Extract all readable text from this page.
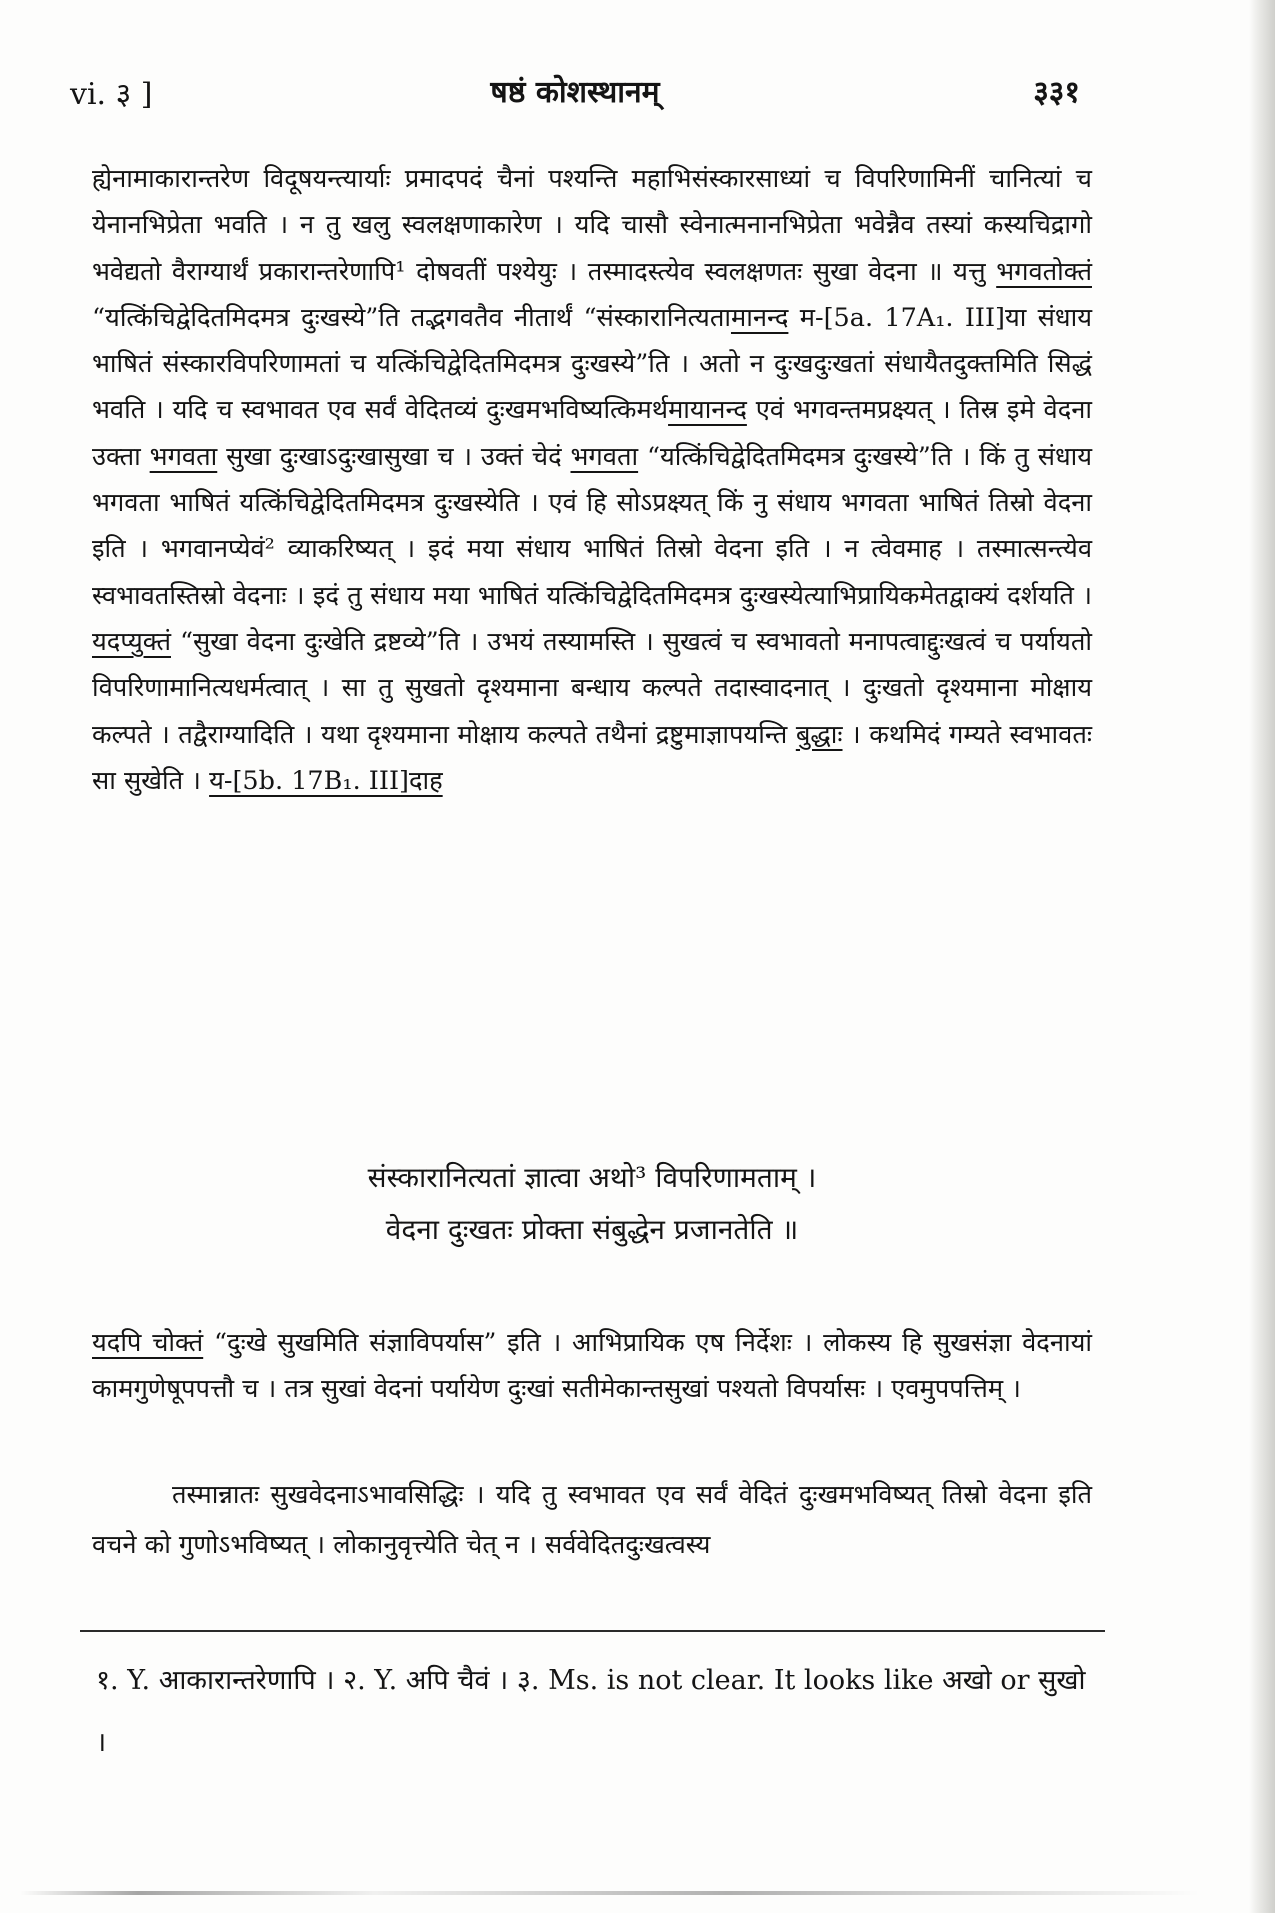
vi. ३ ]	षष्ठं कोशस्थानम्	३३१

ह्येनामाकारान्तरेण विदूषयन्त्यार्याः प्रमादपदं चैनां पश्यन्ति महाभिसंस्कारसाध्यां च विपरिणामिनीं चानित्यां च येनानभिप्रेता भवति । न तु खलु स्वलक्षणाकारेण । यदि चासौ स्वेनात्मनानभिप्रेता भवेन्नैव तस्यां कस्यचिद्रागो भवेद्यतो वैराग्यार्थं प्रकारान्तरेणापि¹ दोषवतीं पश्येयुः । तस्मादस्त्येव स्वलक्षणतः सुखा वेदना ॥ यत्तु भगवतोक्तं “यत्किंचिद्वेदितमिदमत्र दुःखस्ये”ति तद्भगवतैव नीतार्थं “संस्कारानित्यतामानन्द म-[5a. 17A₁. III]या संधाय भाषितं संस्कारविपरिणामतां च यत्किंचिद्वेदितमिदमत्र दुःखस्ये”ति । अतो न दुःखदुःखतां संधायैतदुक्तमिति सिद्धं भवति । यदि च स्वभावत एव सर्वं वेदितव्यं दुःखमभविष्यत्किमर्थमायानन्द एवं भगवन्तमप्रक्ष्यत् । तिस्र इमे वेदना उक्ता भगवता सुखा दुःखाऽदुःखासुखा च । उक्तं चेदं भगवता “यत्किंचिद्वेदितमिदमत्र दुःखस्ये”ति । किं तु संधाय भगवता भाषितं यत्किंचिद्वेदितमिदमत्र दुःखस्येति । एवं हि सोऽप्रक्ष्यत् किं नु संधाय भगवता भाषितं तिस्रो वेदना इति । भगवानप्येवं² व्याकरिष्यत् । इदं मया संधाय भाषितं तिस्रो वेदना इति । न त्वेवमाह । तस्मात्सन्त्येव स्वभावतस्तिस्रो वेदनाः । इदं तु संधाय मया भाषितं यत्किंचिद्वेदितमिदमत्र दुःखस्येत्याभिप्रायिकमेतद्वाक्यं दर्शयति । यदप्युक्तं “सुखा वेदना दुःखेति द्रष्टव्ये”ति । उभयं तस्यामस्ति । सुखत्वं च स्वभावतो मनापत्वाद्दुःखत्वं च पर्यायतो विपरिणामानित्यधर्मत्वात् । सा तु सुखतो दृश्यमाना बन्धाय कल्पते तदास्वादनात् । दुःखतो दृश्यमाना मोक्षाय कल्पते । तद्वैराग्यादिति । यथा दृश्यमाना मोक्षाय कल्पते तथैनां द्रष्टुमाज्ञापयन्ति बुद्धाः । कथमिदं गम्यते स्वभावतः सा सुखेति । य-[5b. 17B₁. III]दाह

संस्कारानित्यतां ज्ञात्वा अथो³ विपरिणामताम् ।
वेदना दुःखतः प्रोक्ता संबुद्धेन प्रजानतेति ॥

यदपि चोक्तं “दुःखे सुखमिति संज्ञाविपर्यास” इति । आभिप्रायिक एष निर्देशः । लोकस्य हि सुखसंज्ञा वेदनायां कामगुणेषूपपत्तौ च । तत्र सुखां वेदनां पर्यायेण दुःखां सतीमेकान्तसुखां पश्यतो विपर्यासः । एवमुपपत्तिम् ।

तस्मान्नातः सुखवेदनाऽभावसिद्धिः । यदि तु स्वभावत एव सर्वं वेदितं दुःखमभविष्यत् तिस्रो वेदना इति वचने को गुणोऽभविष्यत् । लोकानुवृत्त्येति चेत् न । सर्ववेदितदुःखत्वस्य

१. Y. आकारान्तरेणापि । २. Y. अपि चैवं । ३. Ms. is not clear. It looks like अखो or सुखो ।
